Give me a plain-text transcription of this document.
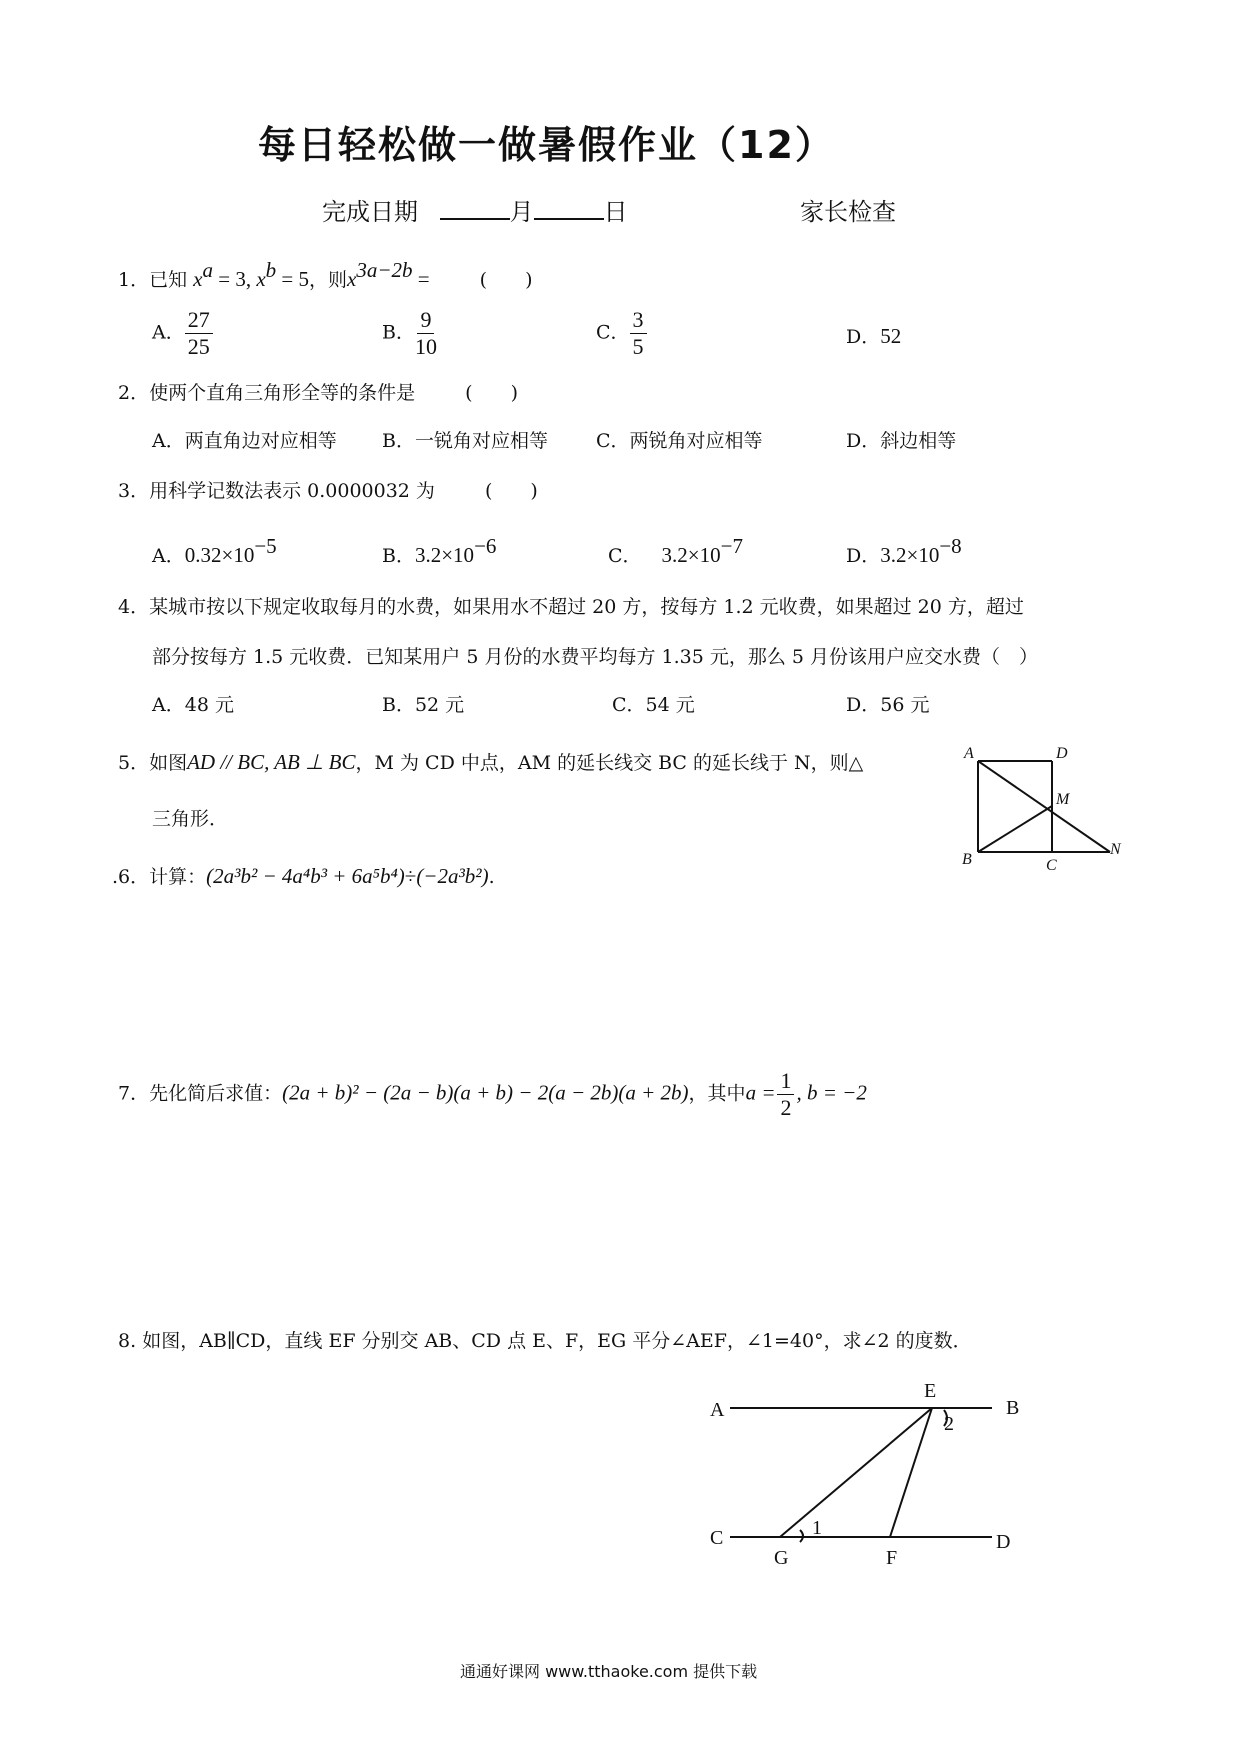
每日轻松做一做暑假作业（12）
完成日期	月	日	家长检查
1．已知 $x^a = 3$, $x^b = 5$，则$x^{3a-2b}$ =	(　　)
A． $\frac{27}{25}$	B． $\frac{9}{10}$	C． $\frac{3}{5}$	D．52
2．使两个直角三角形全等的条件是	(　　)
A．两直角边对应相等 B．一锐角对应相等	C．两锐角对应相等	D．斜边相等
3．用科学记数法表示 0.0000032 为	(　　)
A．$0.32\times 10^{-5}$	B．$3.2\times 10^{-6}$	C． $3.2\times 10^{-7}$	D．$3.2\times 10^{-8}$
4．某城市按以下规定收取每月的水费，如果用水不超过 20 方，按每方 1.2 元收费，如果超过 20 方，超过
部分按每方 1.5 元收费．已知某用户 5 月份的水费平均每方 1.35 元，那么 5 月份该用户应交水费（　）
A．48 元	B．52 元	C．54 元	D．56 元
5．如图AD // BC, AB ⊥ BC，M 为 CD 中点，AM 的延长线交 BC 的延长线于 N，则△
三角形．
A	D
M
B	C
N
.6．计算：(2a³b² − 4a⁴b³ + 6a⁵b⁴)÷(−2a³b²).
7．先化简后求值：(2a + b)² − (2a − b)(a + b) − 2(a − 2b)(a + 2b)，其中$a = \frac{1}{2}$ , b = −2
8. 如图，AB∥CD，直线 EF 分别交 AB、CD 点 E、F，EG 平分∠AEF，∠1=40°，求∠2 的度数．
A	B
E
C	D
G	F
1
2
通通好课网 www.tthaoke.com 提供下载
